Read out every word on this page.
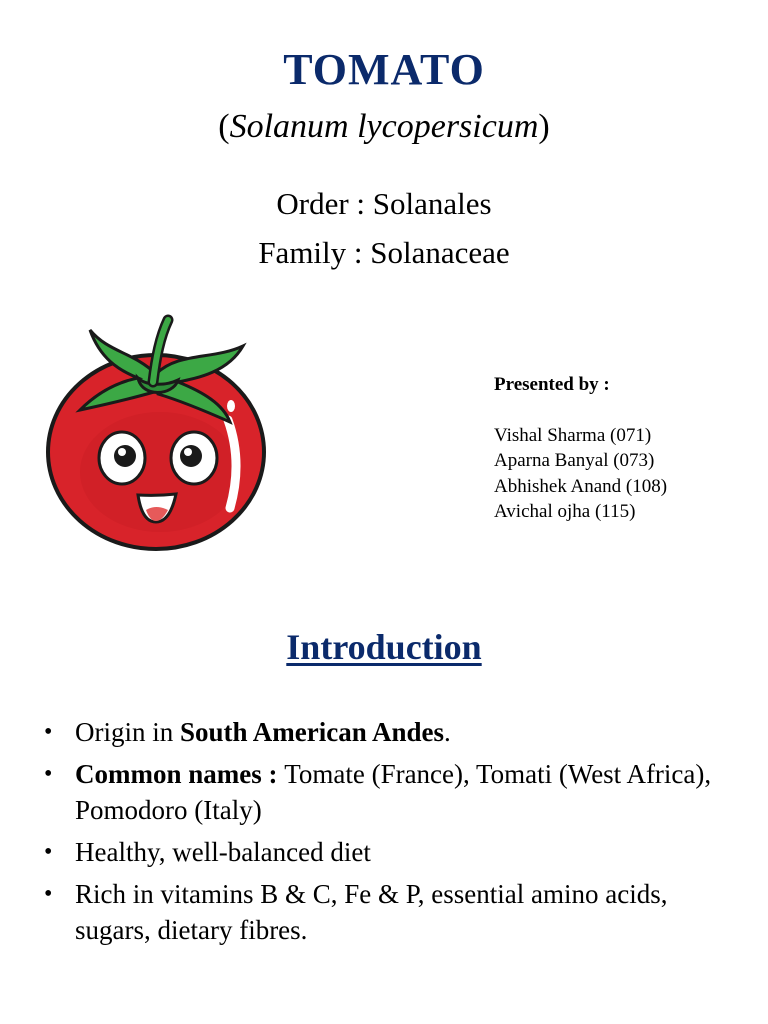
TOMATO
(Solanum lycopersicum)
Order : Solanales
Family : Solanaceae
Presented by :
Vishal Sharma (071)
Aparna Banyal (073)
Abhishek Anand (108)
Avichal ojha (115)
Introduction
• Origin in South American Andes.
• Common names : Tomate (France), Tomati (West Africa), Pomodoro (Italy)
• Healthy, well-balanced diet
• Rich in vitamins B & C, Fe & P, essential amino acids, sugars, dietary fibres.
